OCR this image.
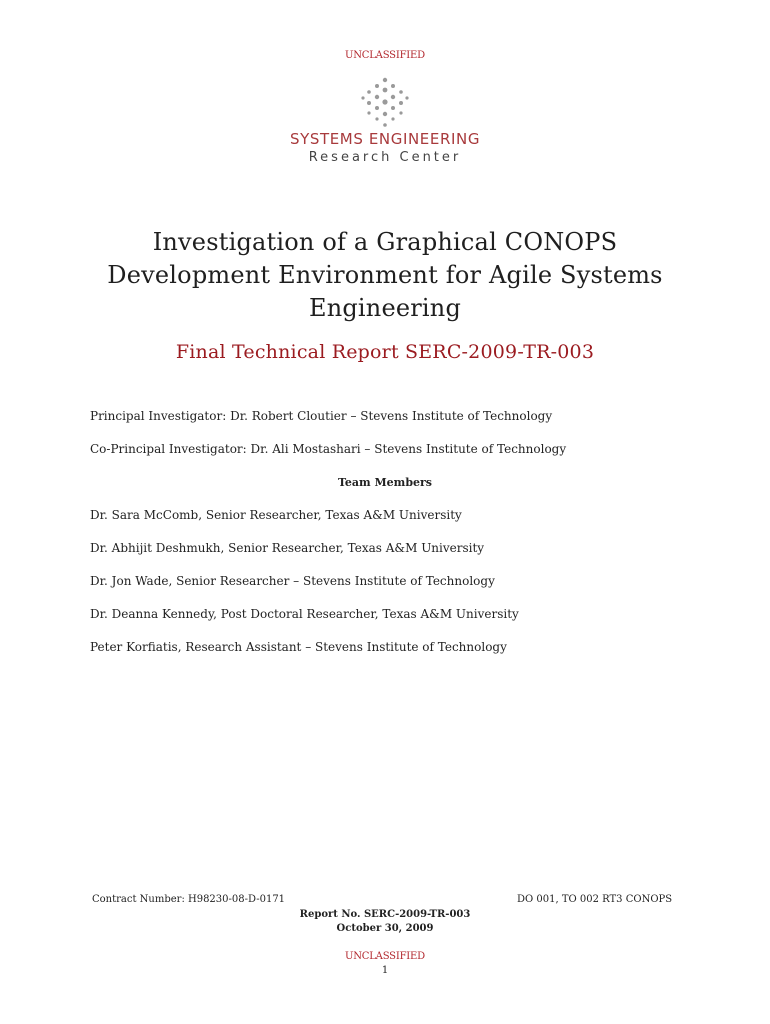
UNCLASSIFIED
SYSTEMS ENGINEERING
Research Center
Investigation of a Graphical CONOPS
Development Environment for Agile Systems
Engineering
Final Technical Report SERC-2009-TR-003
Principal Investigator: Dr. Robert Cloutier – Stevens Institute of Technology
Co-Principal Investigator: Dr. Ali Mostashari – Stevens Institute of Technology
Team Members
Dr. Sara McComb, Senior Researcher, Texas A&M University
Dr. Abhijit Deshmukh, Senior Researcher, Texas A&M University
Dr. Jon Wade, Senior Researcher – Stevens Institute of Technology
Dr. Deanna Kennedy, Post Doctoral Researcher, Texas A&M University
Peter Korfiatis, Research Assistant – Stevens Institute of Technology
Contract Number: H98230-08-D-0171	DO 001, TO 002 RT3 CONOPS
Report No. SERC-2009-TR-003
October 30, 2009
UNCLASSIFIED
1
